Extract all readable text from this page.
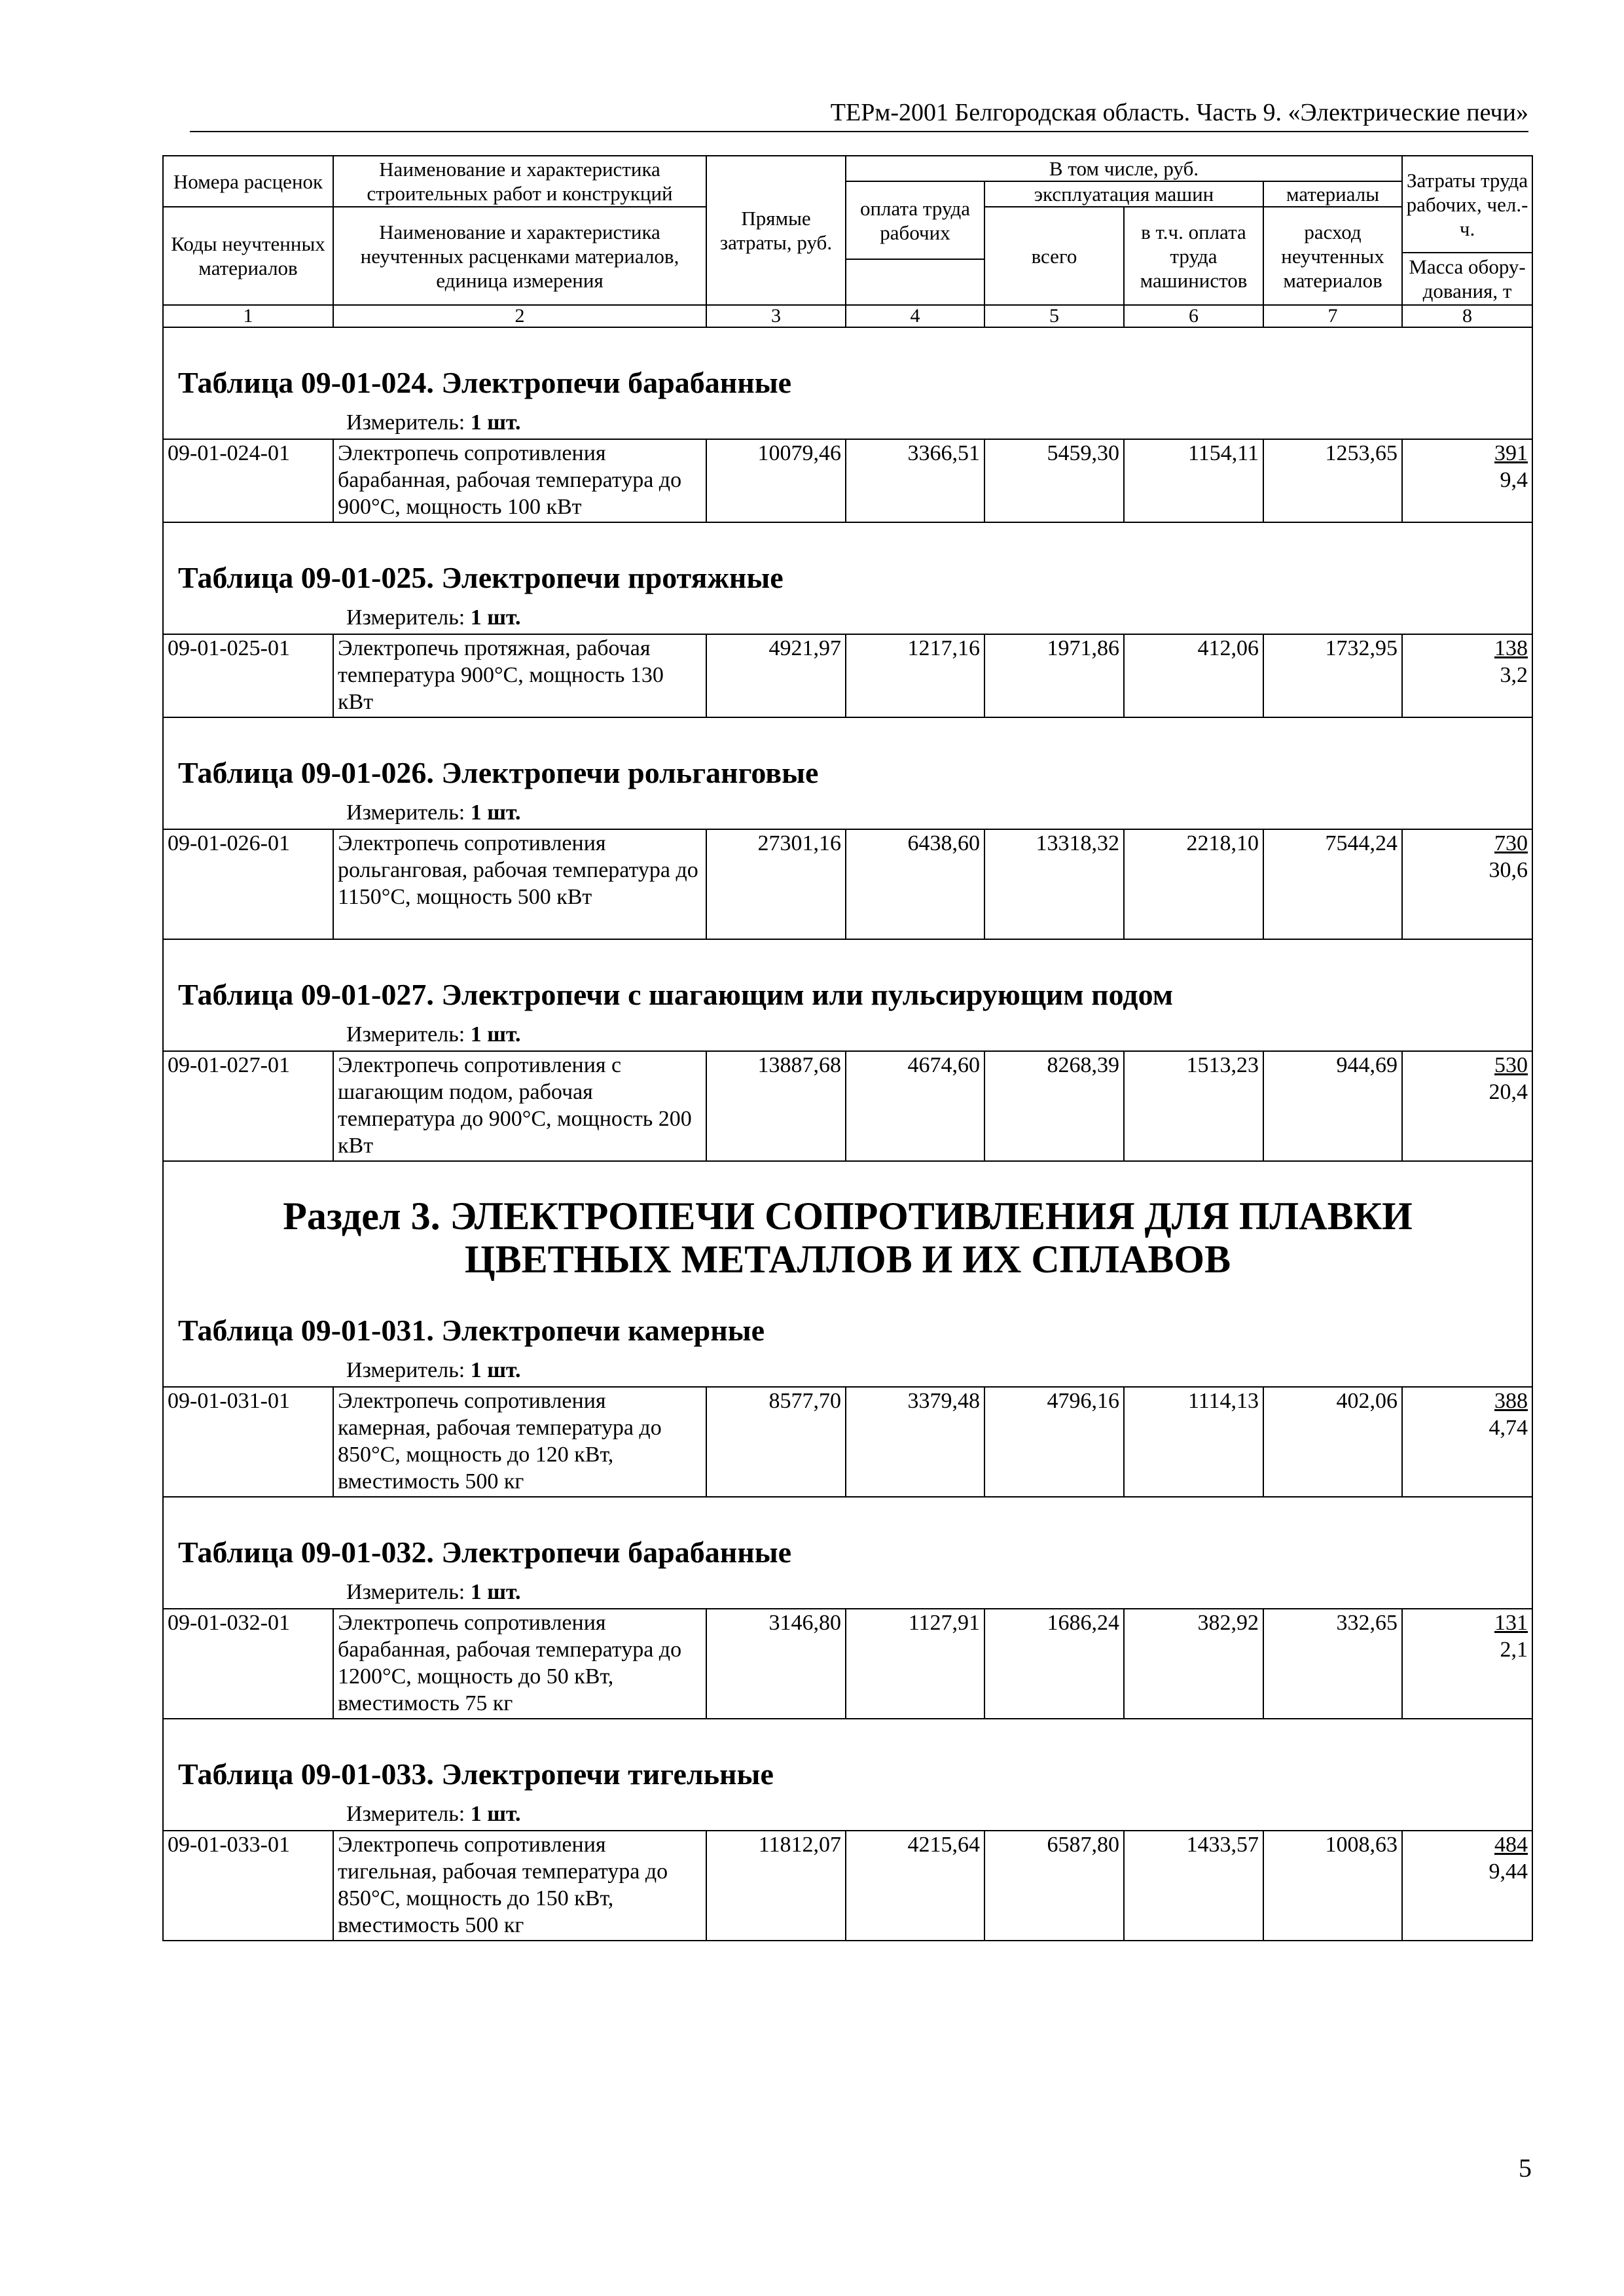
ТЕРм-2001 Белгородская область. Часть 9. «Электрические печи»
Номера расценок	Наименование и характеристика строительных работ и конструкций	Прямые затраты, руб.	В том числе, руб.				Затраты труда рабочих, чел.-ч.
			оплата труда рабочих	эксплуатация машин		материалы	
Коды неучтенных материалов	Наименование и характеристика неучтенных расценками материалов, единица измерения			всего	в т.ч. оплата труда машинистов	расход неучтенных материалов	
							Масса обору-дования, т

1	2	3	4	5	6	7	8

Таблица 09-01-024. Электропечи барабанные
Измеритель: 1 шт.							

09-01-024-01	Электропечь сопротивления барабанная, рабочая температура до 900°С, мощность 100 кВт	10079,46	3366,51	5459,30	1154,11	1253,65	391
9,4

Таблица 09-01-025. Электропечи протяжные
Измеритель: 1 шт.							

09-01-025-01	Электропечь протяжная, рабочая температура 900°С, мощность 130 кВт	4921,97	1217,16	1971,86	412,06	1732,95	138
3,2

Таблица 09-01-026. Электропечи рольганговые
Измеритель: 1 шт.							

09-01-026-01	Электропечь сопротивления рольганговая, рабочая температура до 1150°С, мощность 500 кВт	27301,16	6438,60	13318,32	2218,10	7544,24	730
30,6

Таблица 09-01-027. Электропечи с шагающим или пульсирующим подом
Измеритель: 1 шт.							

09-01-027-01	Электропечь сопротивления с шагающим подом, рабочая температура до 900°С, мощность 200 кВт	13887,68	4674,60	8268,39	1513,23	944,69	530
20,4

Раздел 3. ЭЛЕКТРОПЕЧИ СОПРОТИВЛЕНИЯ ДЛЯ ПЛАВКИ ЦВЕТНЫХ МЕТАЛЛОВ И ИХ СПЛАВОВ							

Таблица 09-01-031. Электропечи камерные
Измеритель: 1 шт.							

09-01-031-01	Электропечь сопротивления камерная, рабочая температура до 850°С, мощность до 120 кВт, вместимость 500 кг	8577,70	3379,48	4796,16	1114,13	402,06	388
4,74

Таблица 09-01-032. Электропечи барабанные
Измеритель: 1 шт.							

09-01-032-01	Электропечь сопротивления барабанная, рабочая температура до 1200°С, мощность до 50 кВт, вместимость 75 кг	3146,80	1127,91	1686,24	382,92	332,65	131
2,1

Таблица 09-01-033. Электропечи тигельные
Измеритель: 1 шт.							

09-01-033-01	Электропечь сопротивления тигельная, рабочая температура до 850°С, мощность до 150 кВт, вместимость 500 кг	11812,07	4215,64	6587,80	1433,57	1008,63	484
9,44
5
